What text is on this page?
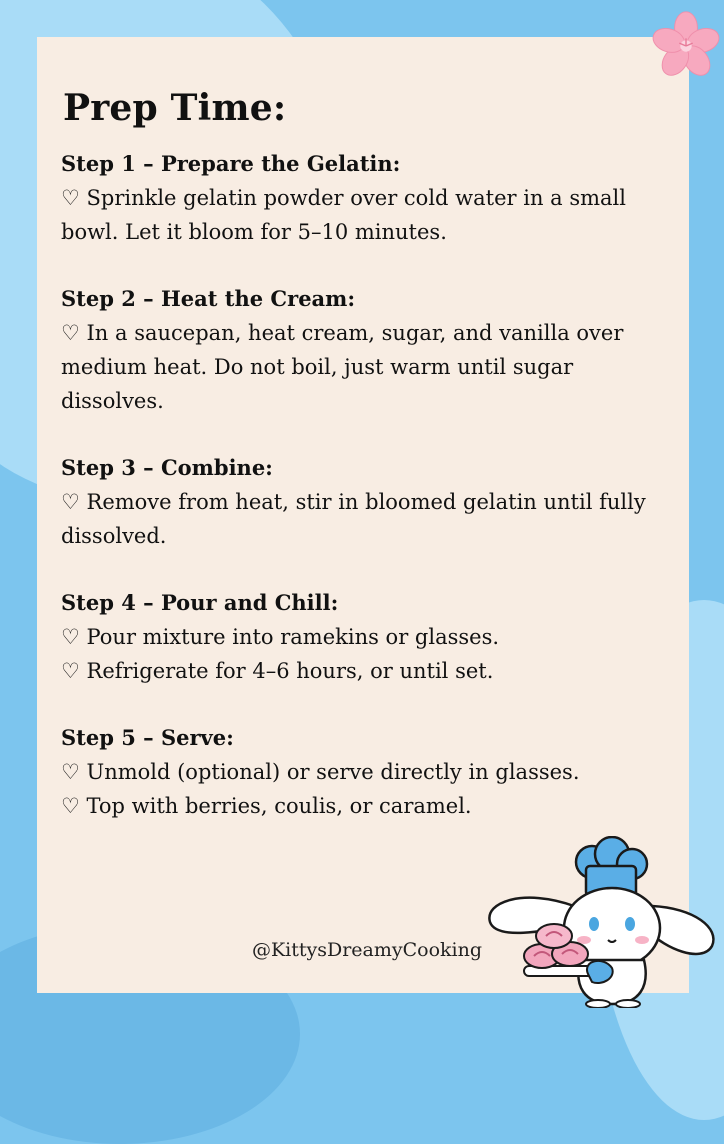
Prep Time:

Step 1 – Prepare the Gelatin:

♡ Sprinkle gelatin powder over cold water in a small

bowl. Let it bloom for 5–10 minutes.

Step 2 – Heat the Cream:

♡ In a saucepan, heat cream, sugar, and vanilla over

medium heat. Do not boil, just warm until sugar

dissolves.

Step 3 – Combine:

♡ Remove from heat, stir in bloomed gelatin until fully

dissolved.

Step 4 – Pour and Chill:

♡ Pour mixture into ramekins or glasses.

♡ Refrigerate for 4–6 hours, or until set.

Step 5 – Serve:

♡ Unmold (optional) or serve directly in glasses.

♡ Top with berries, coulis, or caramel.

@KittysDreamyCooking
